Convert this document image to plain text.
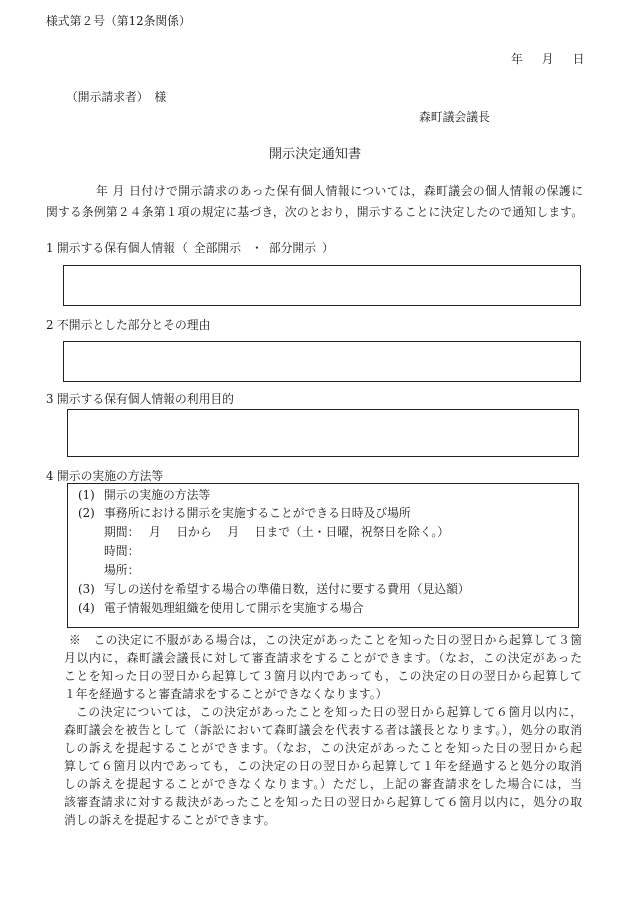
様式第２号（第12条関係）
年　月　日
（開示請求者）　様
森町議会議長
開示決定通知書
年 月 日付けで開示請求のあった保有個人情報については，森町議会の個人情報の保護に
関する条例第２４条第１項の規定に基づき，次のとおり，開示することに決定したので通知します。
1 開示する保有個人情報（ 全部開示 ・ 部分開示 ）
2 不開示とした部分とその理由
3 開示する保有個人情報の利用目的
4 開示の実施の方法等
(1) 開示の実施の方法等
(2) 事務所における開示を実施することができる日時及び場所
期間：　 月　 日から　 月　 日まで（土・日曜，祝祭日を除く。）
時間：
場所：
(3) 写しの送付を希望する場合の準備日数，送付に要する費用（見込額）
(4) 電子情報処理組織を使用して開示を実施する場合
※　この決定に不服がある場合は，この決定があったことを知った日の翌日から起算して３箇
月以内に，森町議会議長に対して審査請求をすることができます。（なお，この決定があった
ことを知った日の翌日から起算して３箇月以内であっても，この決定の日の翌日から起算して
１年を経過すると審査請求をすることができなくなります。）
この決定については，この決定があったことを知った日の翌日から起算して６箇月以内に，
森町議会を被告として（訴訟において森町議会を代表する者は議長となります。），処分の取消
しの訴えを提起することができます。（なお，この決定があったことを知った日の翌日から起
算して６箇月以内であっても，この決定の日の翌日から起算して１年を経過すると処分の取消
しの訴えを提起することができなくなります。）ただし，上記の審査請求をした場合には，当
該審査請求に対する裁決があったことを知った日の翌日から起算して６箇月以内に，処分の取
消しの訴えを提起することができます。
